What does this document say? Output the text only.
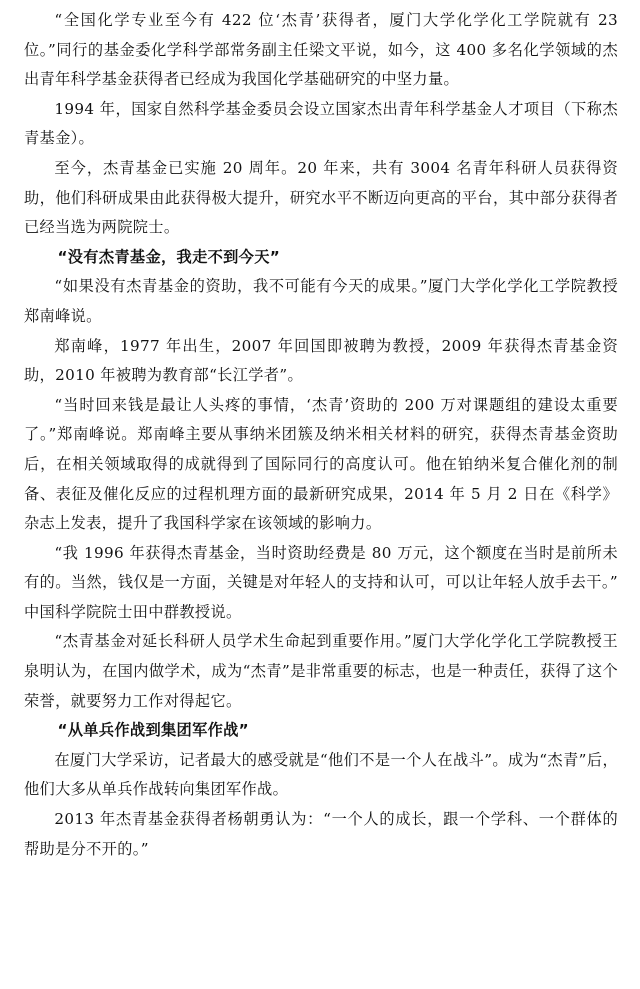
“全国化学专业至今有 422 位‘杰青’获得者，厦门大学化学化工学院就有 23 位。”同行的基金委化学科学部常务副主任梁文平说，如今，这 400 多名化学领域的杰出青年科学基金获得者已经成为我国化学基础研究的中坚力量。

1994 年，国家自然科学基金委员会设立国家杰出青年科学基金人才项目（下称杰青基金）。

至今，杰青基金已实施 20 周年。20 年来，共有 3004 名青年科研人员获得资助，他们科研成果由此获得极大提升，研究水平不断迈向更高的平台，其中部分获得者已经当选为两院院士。

“没有杰青基金，我走不到今天”

“如果没有杰青基金的资助，我不可能有今天的成果。”厦门大学化学化工学院教授郑南峰说。

郑南峰，1977 年出生，2007 年回国即被聘为教授，2009 年获得杰青基金资助，2010 年被聘为教育部“长江学者”。

“当时回来钱是最让人头疼的事情，‘杰青’资助的 200 万对课题组的建设太重要了。”郑南峰说。郑南峰主要从事纳米团簇及纳米相关材料的研究，获得杰青基金资助后，在相关领域取得的成就得到了国际同行的高度认可。他在铂纳米复合催化剂的制备、表征及催化反应的过程机理方面的最新研究成果，2014 年 5 月 2 日在《科学》杂志上发表，提升了我国科学家在该领域的影响力。

“我 1996 年获得杰青基金，当时资助经费是 80 万元，这个额度在当时是前所未有的。当然，钱仅是一方面，关键是对年轻人的支持和认可，可以让年轻人放手去干。” 中国科学院院士田中群教授说。

“杰青基金对延长科研人员学术生命起到重要作用。”厦门大学化学化工学院教授王泉明认为，在国内做学术，成为“杰青”是非常重要的标志，也是一种责任，获得了这个荣誉，就要努力工作对得起它。

“从单兵作战到集团军作战”

在厦门大学采访，记者最大的感受就是“他们不是一个人在战斗”。成为“杰青”后，他们大多从单兵作战转向集团军作战。

2013 年杰青基金获得者杨朝勇认为：“一个人的成长，跟一个学科、一个群体的帮助是分不开的。”
